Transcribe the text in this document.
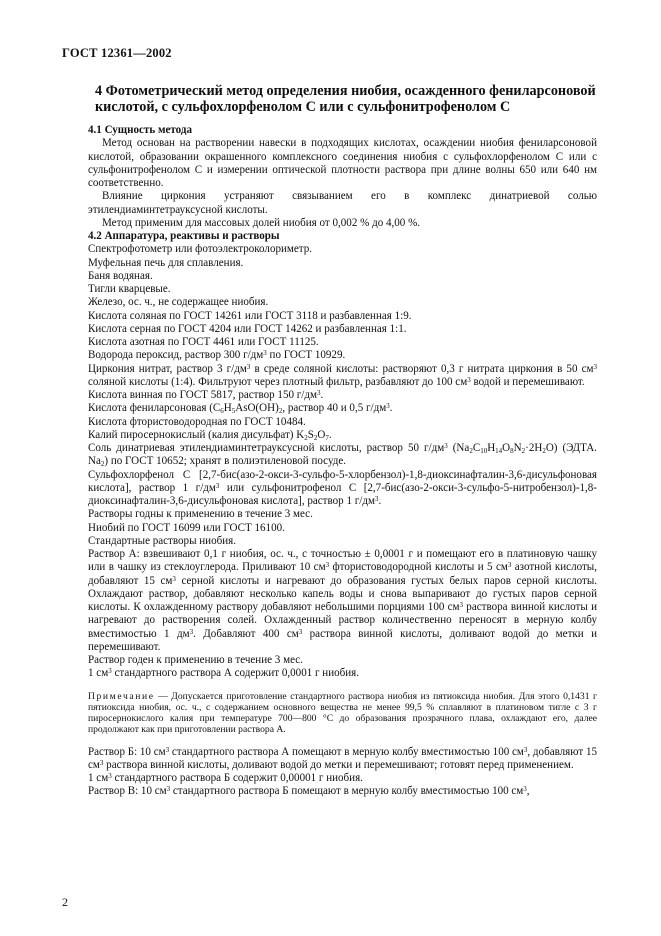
ГОСТ 12361—2002
4 Фотометрический метод определения ниобия, осажденного фениларсоновой кислотой, с сульфохлорфенолом С или с сульфонитрофенолом С

4.1 Сущность метода

Метод основан на растворении навески в подходящих кислотах, осаждении ниобия фениларсоновой кислотой, образовании окрашенного комплексного соединения ниобия с сульфохлорфенолом С или с сульфонитрофенолом С и измерении оптической плотности раствора при длине волны 650 или 640 нм соответственно.

Влияние циркония устраняют связыванием его в комплекс динатриевой солью этилендиаминтетрауксусной кислоты.

Метод применим для массовых долей ниобия от 0,002 % до 4,00 %.

4.2 Аппаратура, реактивы и растворы

Спектрофотометр или фотоэлектроколориметр.

Муфельная печь для сплавления.

Баня водяная.

Тигли кварцевые.

Железо, ос. ч., не содержащее ниобия.

Кислота соляная по ГОСТ 14261 или ГОСТ 3118 и разбавленная 1:9.

Кислота серная по ГОСТ 4204 или ГОСТ 14262 и разбавленная 1:1.

Кислота азотная по ГОСТ 4461 или ГОСТ 11125.

Водорода пероксид, раствор 300 $г/дм^3$ по ГОСТ 10929.

Циркония нитрат, раствор 3 $г/дм^3$ в среде соляной кислоты: растворяют 0,3 г нитрата циркония в 50 $см^3$ соляной кислоты (1:4). Фильтруют через плотный фильтр, разбавляют до 100 $см^3$ водой и перемешивают.

Кислота винная по ГОСТ 5817, раствор 150 $г/дм^3$.

Кислота фениларсоновая ($C_6H_5AsO(OH)_2$, раствор 40 и 0,5 $г/дм^3$.

Кислота фтористоводородная по ГОСТ 10484.

Калий пиросернокислый (калия дисульфат) $K_2S_2O_7$.

Соль динатриевая этилендиаминтетрауксусной кислоты, раствор 50 $г/дм^3$ $(Na_2C_{10}H_{14}O_8N_2\cdot 2H_2O)$ (ЭДТА. $Na_2$) по ГОСТ 10652; хранят в полиэтиленовой посуде.

Сульфохлорфенол С [2,7-бис(азо-2-окси-3-сульфо-5-хлорбензол)-1,8-диоксинафталин-3,6-дисульфоновая кислота], раствор 1 $г/дм^3$ или сульфонитрофенол С [2,7-бис(азо-2-окси-3-сульфо-5-нитробензол)-1,8-диоксинафталин-3,6-дисульфоновая кислота], раствор 1 $г/дм^3$.

Растворы годны к применению в течение 3 мес.

Ниобий по ГОСТ 16099 или ГОСТ 16100.

Стандартные растворы ниобия.

Раствор А: взвешивают 0,1 г ниобия, ос. ч., с точностью ± 0,0001 г и помещают его в платиновую чашку или в чашку из стеклоуглерода. Приливают 10 $см^3$ фтористоводородной кислоты и 5 $см^3$ азотной кислоты, добавляют 15 $см^3$ серной кислоты и нагревают до образования густых белых паров серной кислоты. Охлаждают раствор, добавляют несколько капель воды и снова выпаривают до густых паров серной кислоты. К охлажденному раствору добавляют небольшими порциями 100 $см^3$ раствора винной кислоты и нагревают до растворения солей. Охлажденный раствор количественно переносят в мерную колбу вместимостью 1 $дм^3$. Добавляют 400 $см^3$ раствора винной кислоты, доливают водой до метки и перемешивают.

Раствор годен к применению в течение 3 мес.

1 $см^3$ стандартного раствора А содержит 0,0001 г ниобия.

Примечание — Допускается приготовление стандартного раствора ниобия из пятиоксида ниобия. Для этого 0,1431 г пятиоксида ниобия, ос. ч., с содержанием основного вещества не менее 99,5 % сплавляют в платиновом тигле с 3 г пиросернокислого калия при температуре 700—800 °С до образования прозрачного плава, охлаждают его, далее продолжают как при приготовлении раствора А.

Раствор Б: 10 $см^3$ стандартного раствора А помещают в мерную колбу вместимостью 100 $см^3$, добавляют 15 $см^3$ раствора винной кислоты, доливают водой до метки и перемешивают; готовят перед применением.

1 $см^3$ стандартного раствора Б содержит 0,00001 г ниобия.

Раствор В: 10 $см^3$ стандартного раствора Б помещают в мерную колбу вместимостью 100 $см^3$,

2
